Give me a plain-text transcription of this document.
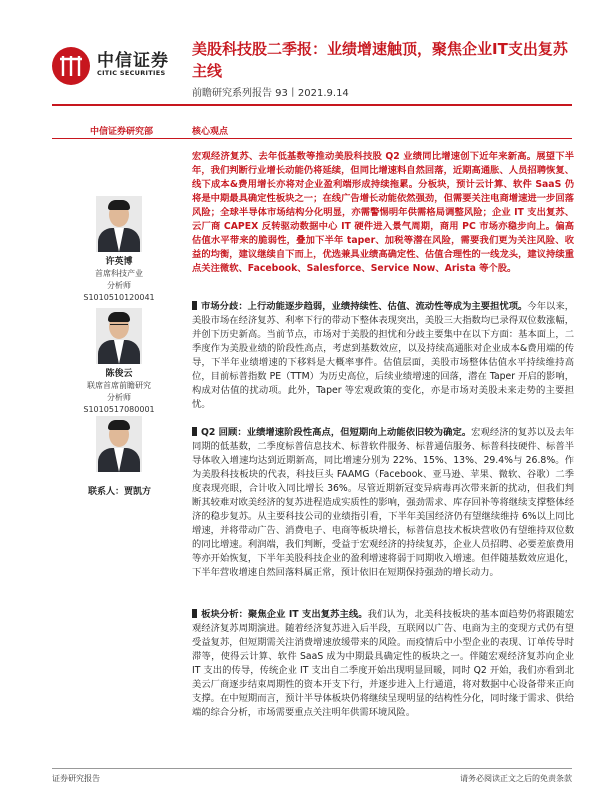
中信证券
CITIC SECURITIES
美股科技股二季报：业绩增速触顶，聚焦企业IT支出复苏主线
前瞻研究系列报告 93丨2021.9.14
中信证券研究部	核心观点
许英博
首席科技产业
分析师
S1010510120041
陈俊云
联席首席前瞻研究
分析师
S1010517080001
联系人：贾凯方
宏观经济复苏、去年低基数等推动美股科技股 Q2 业绩同比增速创下近年来新高。展望下半年，我们判断行业增长动能仍将延续，但同比增速料自然回落，近期高通胀、人员招聘恢复、线下成本&费用增长亦将对企业盈利端形成持续拖累。分板块，预计云计算、软件 SaaS 仍将是中期最具确定性板块之一；在线广告增长动能依然强劲，但需要关注电商增速进一步回落风险；全球半导体市场结构分化明显，亦需警惕明年供需格局调整风险；企业 IT 支出复苏、云厂商 CAPEX 反转驱动数据中心 IT 硬件进入景气周期，商用 PC 市场亦稳步向上。偏高估值水平带来的脆弱性，叠加下半年 taper、加税等潜在风险，需要我们更为关注风险、收益的均衡，建议继续自下而上，优选兼具业绩高确定性、估值合理性的一线龙头，建议持续重点关注微软、Facebook、Salesforce、Service Now、Arista 等个股。
市场分歧：上行动能逐步趋弱，业绩持续性、估值、流动性等成为主要担忧项。今年以来，美股市场在经济复苏、利率下行的带动下整体表现突出，美股三大指数均已录得双位数涨幅，并创下历史新高。当前节点，市场对于美股的担忧和分歧主要集中在以下方面：基本面上，二季度作为美股业绩的阶段性高点，考虑到基数效应，以及持续高通胀对企业成本&费用端的传导，下半年业绩增速的下移料是大概率事件。估值层面，美股市场整体估值水平持续维持高位，目前标普指数 PE（TTM）为历史高位，后续业绩增速的回落，潜在 Taper 开启的影响，构成对估值的扰动项。此外，Taper 等宏观政策的变化，亦是市场对美股未来走势的主要担忧。
Q2 回顾：业绩增速阶段性高点，但短期向上动能依旧较为确定。宏观经济的复苏以及去年同期的低基数，二季度标普信息技术、标普软件服务、标普通信服务、标普科技硬件、标普半导体收入增速均达到近期新高，同比增速分别为 22%、15%、13%、29.4%与 26.8%。作为美股科技板块的代表，科技巨头 FAAMG（Facebook、亚马逊、苹果、微软、谷歌）二季度表现亮眼，合计收入同比增长 36%。尽管近期新冠变异病毒再次带来新的扰动，但我们判断其较难对欧美经济的复苏进程造成实质性的影响，强劲需求、库存回补等将继续支撑整体经济的稳步复苏。从主要科技公司的业绩指引看，下半年美国经济仍有望继续维持 6%以上同比增速，并将带动广告、消费电子、电商等板块增长，标普信息技术板块营收仍有望维持双位数的同比增速。利润端，我们判断，受益于宏观经济的持续复苏，企业人员招聘、必要差旅费用等亦开始恢复，下半年美股科技企业的盈利增速将弱于同期收入增速。但伴随基数效应退化，下半年营收增速自然回落料属正常，预计依旧在短期保持强劲的增长动力。
板块分析：聚焦企业 IT 支出复苏主线。我们认为，北美科技板块的基本面趋势仍将跟随宏观经济复苏周期演进。随着经济复苏进入后半段，互联网以广告、电商为主的变现方式仍有望受益复苏，但短期需关注消费增速放缓带来的风险。而疫情后中小型企业的表现、订单传导时滞等，使得云计算、软件 SaaS 成为中期最具确定性的板块之一。伴随宏观经济复苏向企业 IT 支出的传导，传统企业 IT 支出自二季度开始出现明显回暖，同时 Q2 开始，我们亦看到北美云厂商逐步结束周期性的资本开支下行，并逐步进入上行通道，将对数据中心设备带来正向支撑。在中短期而言，预计半导体板块仍将继续呈现明显的结构性分化，同时缘于需求、供给端的综合分析，市场需要重点关注明年供需环境风险。
证券研究报告	请务必阅读正文之后的免责条款
